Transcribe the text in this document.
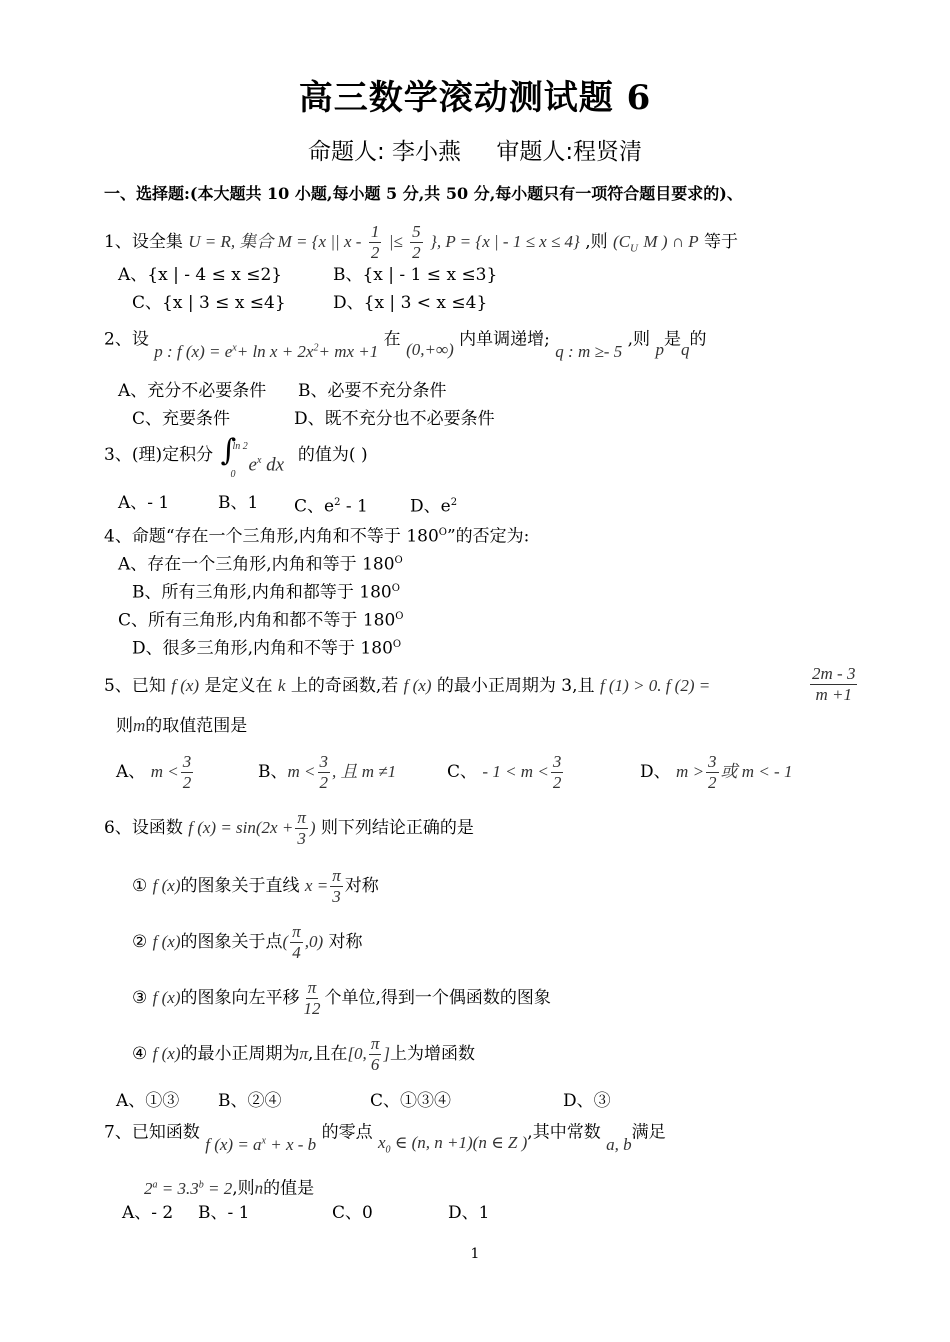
高三数学滚动测试题 6
命题人: 李小燕 审题人:程贤清
一、选择题:(本大题共 10 小题,每小题 5 分,共 50 分,每小题只有一项符合题目要求的)、
1、设全集 U = R, 集合 M = {x || x - $\frac{1}{2}$ |≤ $\frac{5}{2}$ }, P = {x | - 1 ≤ x ≤ 4} ,则 ($C_U$ M ) ∩ P 等于
A、{x | - 4 ≤ x ≤2}	B、{x | - 1 ≤ x ≤3}
C、{x | 3 ≤ x ≤4}	D、{x | 3 < x ≤4}
2、设 p : f $(x) = e^x+ \ln x + 2x^2+$ mx +1 在 (0,+∞) 内单调递增; q : m ≥- 5 ,则 p是q的
A、充分不必要条件 B、必要不充分条件
C、充要条件	D、既不充分也不必要条件
3、(理)定积分 ∫
ln 2
0 $e^x$ dx 的值为( )
A、- 1	B、1 C、$e^2 - 1$ D、$e^2$
4、命题“存在一个三角形,内角和不等于 $180^O$”的否定为:
A、存在一个三角形,内角和等于 $180^O$
B、所有三角形,内角和都等于 $180^O$
C、所有三角形,内角和都不等于 $180^O$
D、很多三角形,内角和不等于 $180^O$
5、已知 f (x) 是定义在 k 上的奇函数,若 f (x) 的最小正周期为 3,且 f (1) > 0. f (2) =	$\frac{2m - 3}{m +1}$
则m的取值范围是
A、 $m < \frac{3}{2}$	B、$m < \frac{3}{2}$ , 且 m ≠1	C、 - $1 < m < \frac{3}{2}$	D、 $m > \frac{3}{2}$ 或 m < - 1
6、设函数 f $(x) = \sin(2x + \frac{\pi}{3}$ ) 则下列结论正确的是
① f (x)的图象关于直线 $x = \frac{\pi}{3}$ 对称
② f (x)的图象关于点( $\frac{\pi}{4} ,0$) 对称
③ f (x)的图象向左平移 $\frac{\pi}{12}$ 个单位,得到一个偶函数的图象
④ f (x)的最小正周期为π,且在[0, $\frac{\pi}{6}$ ]上为增函数
A、①③ B、②④	C、①③④	D、③
7、已知函数 f $(x) = a^x + x - b$ 的零点 $x_0$ ∈ (n, n +1)(n ∈ Z ),其中常数 a, b满足
$2^a = 3.3^b = 2$,则n的值是
A、- 2 B、- 1	C、0	D、1
1
